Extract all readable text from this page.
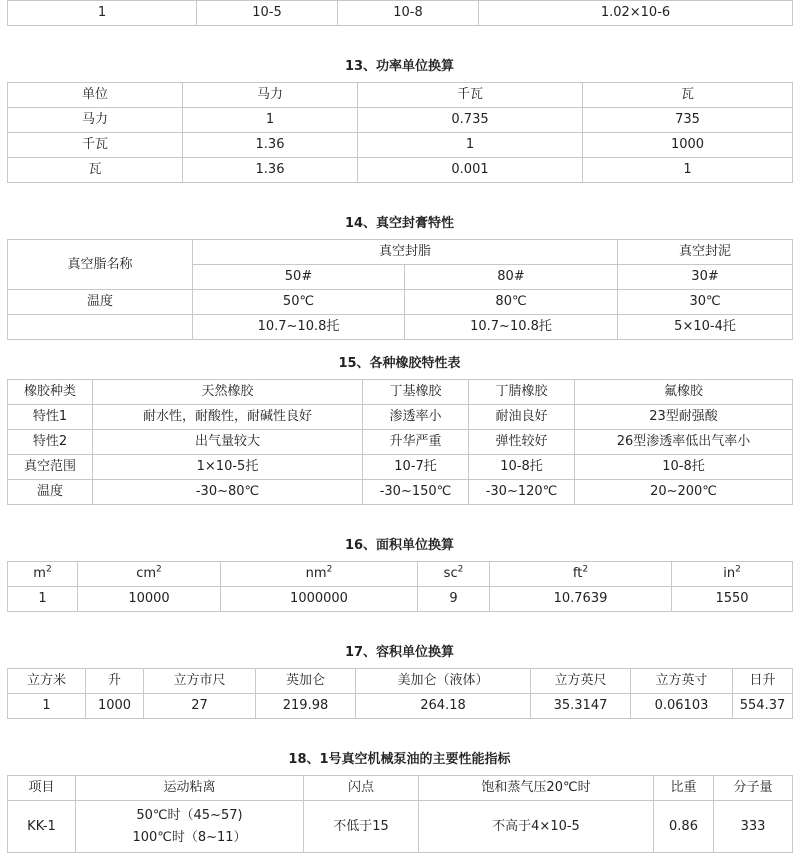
1	10-5	10-8	1.02×10-6
13、功率单位换算
单位	马力	千瓦	瓦
马力	1	0.735	735
千瓦	1.36	1	1000
瓦	1.36	0.001	1
14、真空封膏特性
真空脂名称	真空封脂		真空封泥
	50#	80#	30#
温度	50℃	80℃	30℃
	10.7~10.8托	10.7~10.8托	5×10-4托
15、各种橡胶特性表
橡胶种类	天然橡胶	丁基橡胶	丁腈橡胶	氟橡胶
特性1	耐水性，耐酸性，耐碱性良好	渗透率小	耐油良好	23型耐强酸
特性2	出气量较大	升华严重	弹性较好	26型渗透率低出气率小
真空范围	1×10-5托	10-7托	10-8托	10-8托
温度	-30~80℃	-30~150℃	-30~120℃	20~200℃
16、面积单位换算
$m^2$	$cm^2$	$nm^2$	$sc^2$	$ft^2$	$in^2$
1	10000	1000000	9	10.7639	1550
17、容积单位换算
立方米	升	立方市尺	英加仑	美加仑（液体）	立方英尺	立方英寸	日升
1	1000	27	219.98	264.18	35.3147	0.06103	554.37
18、1号真空机械泵油的主要性能指标
项目	运动粘离	闪点	饱和蒸气压20℃时	比重	分子量
KK-1	50℃时（45~57)
100℃时（8~11）	不低于15	不高于4×10-5	0.86	333
